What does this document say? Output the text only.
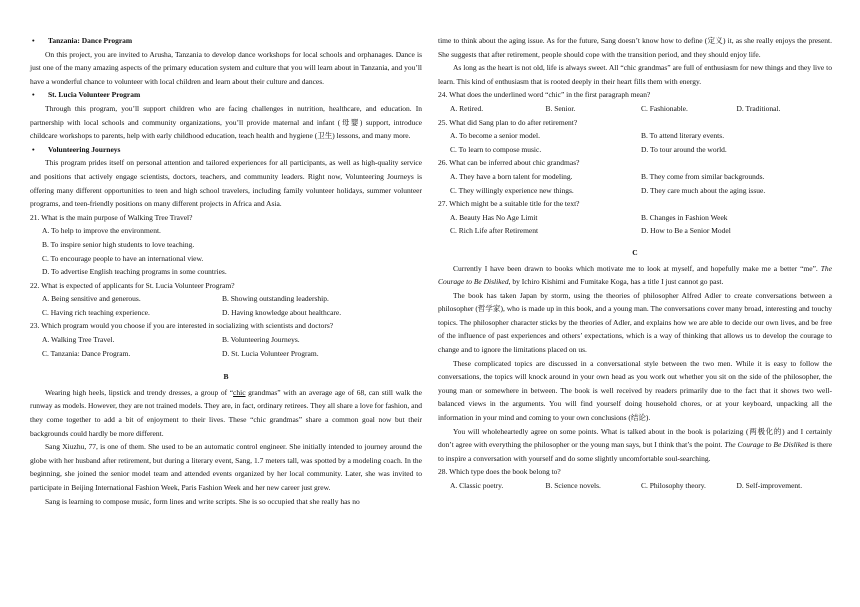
• Tanzania: Dance Program

On this project, you are invited to Arusha, Tanzania to develop dance workshops for local schools and orphanages. Dance is just one of the many amazing aspects of the primary education system and culture that you will learn about in Tanzania, and you’ll have a wonderful chance to volunteer with local children and learn about their culture and dances.

• St. Lucia Volunteer Program

Through this program, you’ll support children who are facing challenges in nutrition, healthcare, and education. In partnership with local schools and community organizations, you’ll provide maternal and infant (母婴) support, introduce childcare workshops to parents, help with early childhood education, teach health and hygiene (卫生) lessons, and many more.

• Volunteering Journeys

This program prides itself on personal attention and tailored experiences for all participants, as well as high-quality service and positions that actively engage scientists, doctors, teachers, and community leaders. Right now, Volunteering Journeys is offering many different opportunities to teen and high school travelers, including family volunteer holidays, summer volunteer programs, and teen-friendly positions on many different projects in Africa and Asia.

21. What is the main purpose of Walking Tree Travel?

A. To help to improve the environment.
B. To inspire senior high students to love teaching.
C. To encourage people to have an international view.
D. To advertise English teaching programs in some countries.

22. What is expected of applicants for St. Lucia Volunteer Program?

A. Being sensitive and generous.	B. Showing outstanding leadership.
C. Having rich teaching experience.	D. Having knowledge about healthcare.

23. Which program would you choose if you are interested in socializing with scientists and doctors?

A. Walking Tree Travel.	B. Volunteering Journeys.
C. Tanzania: Dance Program.	D. St. Lucia Volunteer Program.

B

Wearing high heels, lipstick and trendy dresses, a group of “chic grandmas” with an average age of 68, can still walk the runway as models. However, they are not trained models. They are, in fact, ordinary retirees. They all share a love for fashion, and they come together to add a bit of enjoyment to their lives. These “chic grandmas” share a common goal now but their backgrounds could hardly be more different.

Sang Xiuzhu, 77, is one of them. She used to be an automatic control engineer. She initially intended to journey around the globe with her husband after retirement, but during a literary event, Sang, 1.7 meters tall, was spotted by a modeling coach. In the beginning, she joined the senior model team and attended events organized by her local community. Later, she was invited to participate in Beijing International Fashion Week, Paris Fashion Week and her new career just grew.

Sang is learning to compose music, form lines and write scripts. She is so occupied that she really has no

time to think about the aging issue. As for the future, Sang doesn’t know how to define (定义) it, as she really enjoys the present. She suggests that after retirement, people should cope with the transition period, and they should enjoy life.

As long as the heart is not old, life is always sweet. All “chic grandmas” are full of enthusiasm for new things and they live to learn. This kind of enthusiasm that is rooted deeply in their heart fills them with energy.

24. What does the underlined word “chic” in the first paragraph mean?

A. Retired.	B. Senior.	C. Fashionable.	D. Traditional.

25. What did Sang plan to do after retirement?

A. To become a senior model.	B. To attend literary events.
C. To learn to compose music.	D. To tour around the world.

26. What can be inferred about chic grandmas?

A. They have a born talent for modeling.	B. They come from similar backgrounds.
C. They willingly experience new things.	D. They care much about the aging issue.

27. Which might be a suitable title for the text?

A. Beauty Has No Age Limit	B. Changes in Fashion Week
C. Rich Life after Retirement	D. How to Be a Senior Model

C

Currently I have been drawn to books which motivate me to look at myself, and hopefully make me a better “me”. The Courage to Be Disliked, by Ichiro Kishimi and Fumitake Koga, has a title I just cannot go past.

The book has taken Japan by storm, using the theories of philosopher Alfred Adler to create conversations between a philosopher (哲学家), who is made up in this book, and a young man. The conversations cover many broad, interesting and touchy topics. The philosopher character sticks by the theories of Adler, and explains how we are able to decide our own lives, and be free of the influence of past experiences and others’ expectations, which is a way of thinking that allows us to develop the courage to change and to ignore the limitations placed on us.

These complicated topics are discussed in a conversational style between the two men. While it is easy to follow the conversations, the topics will knock around in your own head as you work out whether you sit on the side of the philosopher, the young man or somewhere in between. The book is well received by readers primarily due to the fact that it shows two well-balanced views in the arguments. You will find yourself doing household chores, or at your keyboard, unpacking all the information in your mind and coming to your own conclusions (结论).

You will wholeheartedly agree on some points. What is talked about in the book is polarizing (两极化的) and I certainly don’t agree with everything the philosopher or the young man says, but I think that’s the point. The Courage to Be Disliked is there to inspire a conversation with yourself and do some slightly uncomfortable soul-searching.

28. Which type does the book belong to?

A. Classic poetry.	B. Science novels.	C. Philosophy theory.	D. Self-improvement.
